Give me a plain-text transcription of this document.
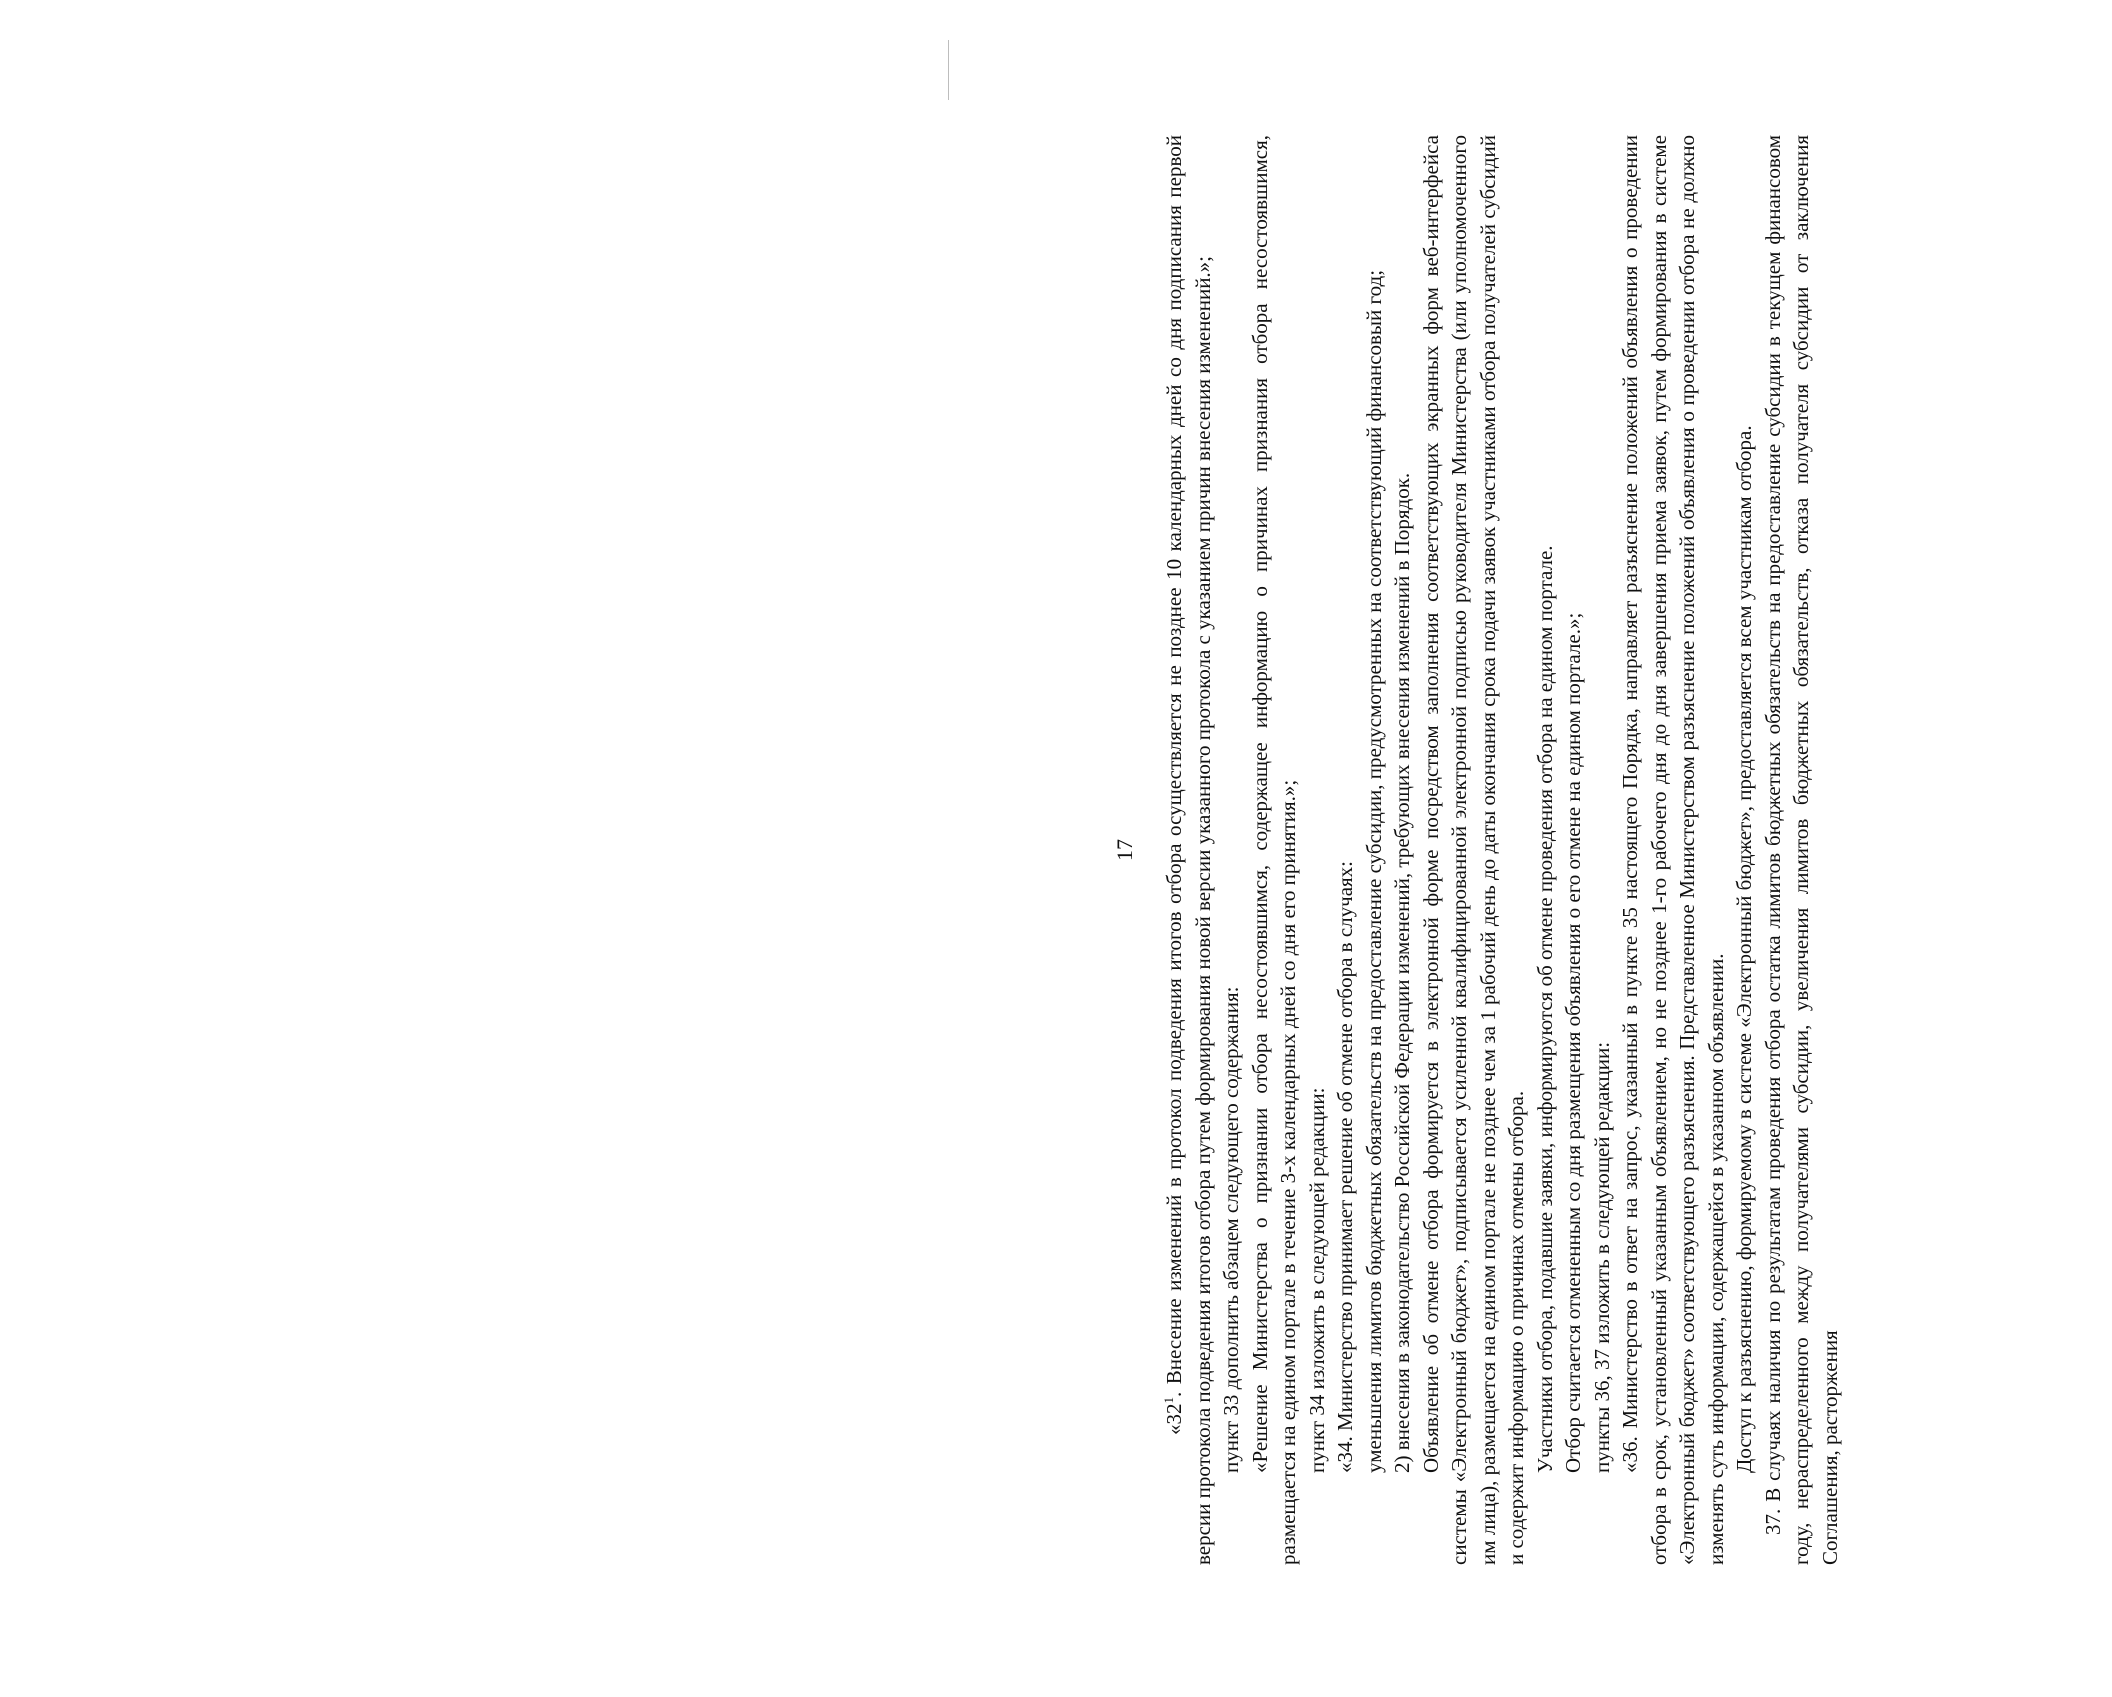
17

«$32^1$. Внесение изменений в протокол подведения итогов отбора осуществляется не позднее 10 календарных дней со дня подписания первой версии протокола подведения итогов отбора путем формирования новой версии указанного протокола с указанием причин внесения изменений.»; пункт 33 дополнить абзацем следующего содержания: «Решение Министерства о признании отбора несостоявшимся, содержащее информацию о причинах признания отбора несостоявшимся, размещается на едином портале в течение 3-х календарных дней со дня его принятия.»; пункт 34 изложить в следующей редакции: «34. Министерство принимает решение об отмене отбора в случаях: уменьшения лимитов бюджетных обязательств на предоставление субсидии, предусмотренных на соответствующий финансовый год; 2) внесения в законодательство Российской Федерации изменений, требующих внесения изменений в Порядок. Объявление об отмене отбора формируется в электронной форме посредством заполнения соответствующих экранных форм веб-интерфейса системы «Электронный бюджет», подписывается усиленной квалифицированной электронной подписью руководителя Министерства (или уполномоченного им лица), размещается на едином портале не позднее чем за 1 рабочий день до даты окончания срока подачи заявок участниками отбора получателей субсидий и содержит информацию о причинах отмены отбора. Участники отбора, подавшие заявки, информируются об отмене проведения отбора на едином портале. Отбор считается отмененным со дня размещения объявления о его отмене на едином портале.»; пункты 36, 37 изложить в следующей редакции: «36. Министерство в ответ на запрос, указанный в пункте 35 настоящего Порядка, направляет разъяснение положений объявления о проведении отбора в срок, установленный указанным объявлением, но не позднее 1-го рабочего дня до дня завершения приема заявок, путем формирования в системе «Электронный бюджет» соответствующего разъяснения. Представленное Министерством разъяснение положений объявления о проведении отбора не должно изменять суть информации, содержащейся в указанном объявлении. Доступ к разъяснению, формируемому в системе «Электронный бюджет», предоставляется всем участникам отбора. 37. В случаях наличия по результатам проведения отбора остатка лимитов бюджетных обязательств на предоставление субсидии в текущем финансовом году, нераспределенного между получателями субсидии, увеличения лимитов бюджетных обязательств, отказа получателя субсидии от заключения Соглашения, расторжения
